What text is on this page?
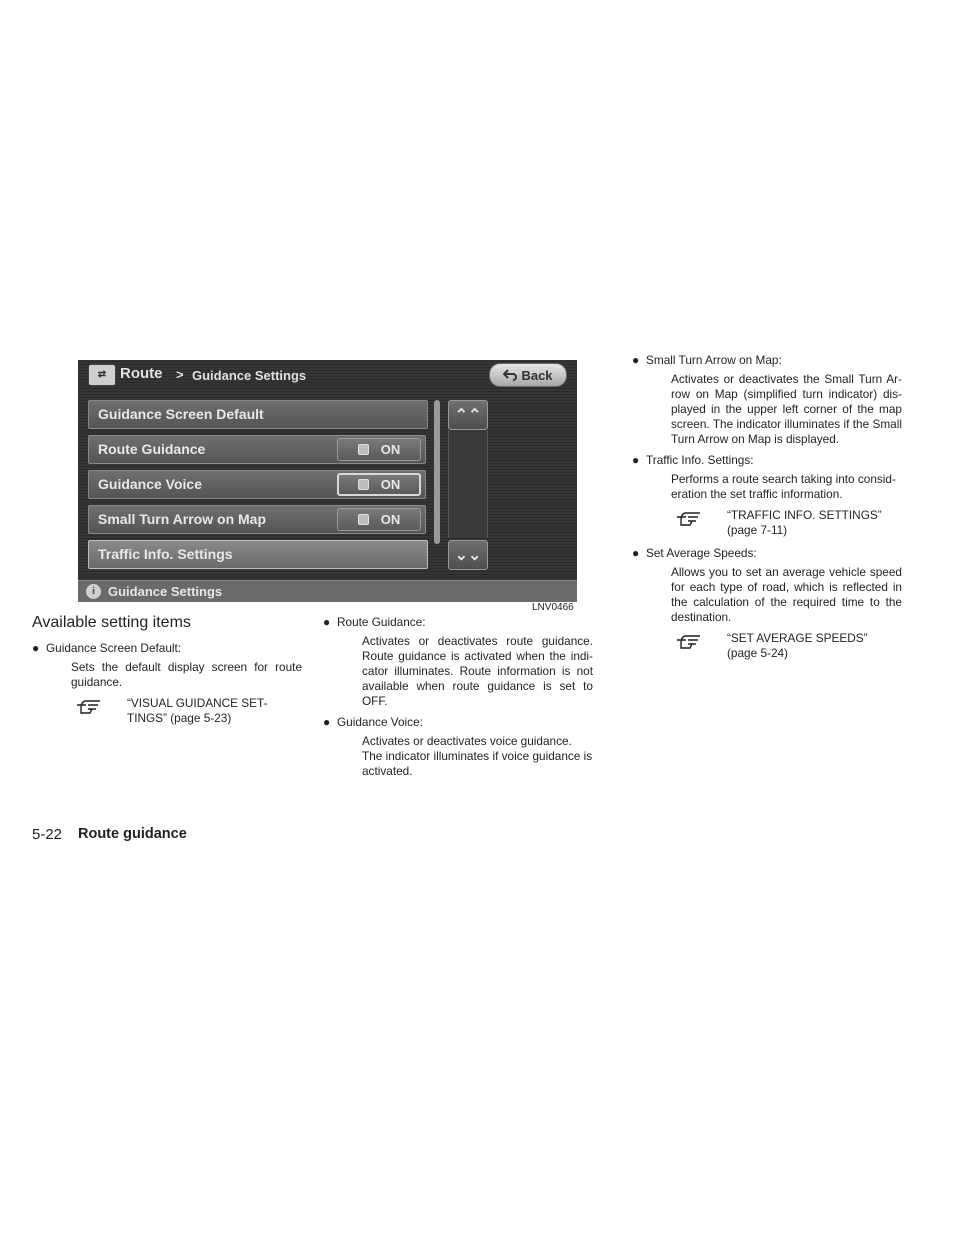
⇄ Route > Guidance Settings	Back
Guidance Screen Default
Route Guidance	ON
Guidance Voice	ON
Small Turn Arrow on Map	ON
Traffic Info. Settings
⌃⌃
⌄⌄
i Guidance Settings
LNV0466
Available setting items
● Guidance Screen Default:
Sets the default display screen for route guidance.
“VISUAL GUIDANCE SET-
TINGS” (page 5-23)
● Route Guidance:
Activates or deactivates route guidance. Route guidance is activated when the indi-cator illuminates. Route information is not available when route guidance is set to OFF.
● Guidance Voice:
Activates or deactivates voice guidance. The indicator illuminates if voice guidance is activated.
● Small Turn Arrow on Map:
Activates or deactivates the Small Turn Ar-row on Map (simplified turn indicator) dis-played in the upper left corner of the map screen. The indicator illuminates if the Small Turn Arrow on Map is displayed.
● Traffic Info. Settings:
Performs a route search taking into consid-eration the set traffic information.
“TRAFFIC INFO. SETTINGS”
(page 7-11)
● Set Average Speeds:
Allows you to set an average vehicle speed for each type of road, which is reflected in the calculation of the required time to the destination.
“SET AVERAGE SPEEDS”
(page 5-24)
5-22 Route guidance
